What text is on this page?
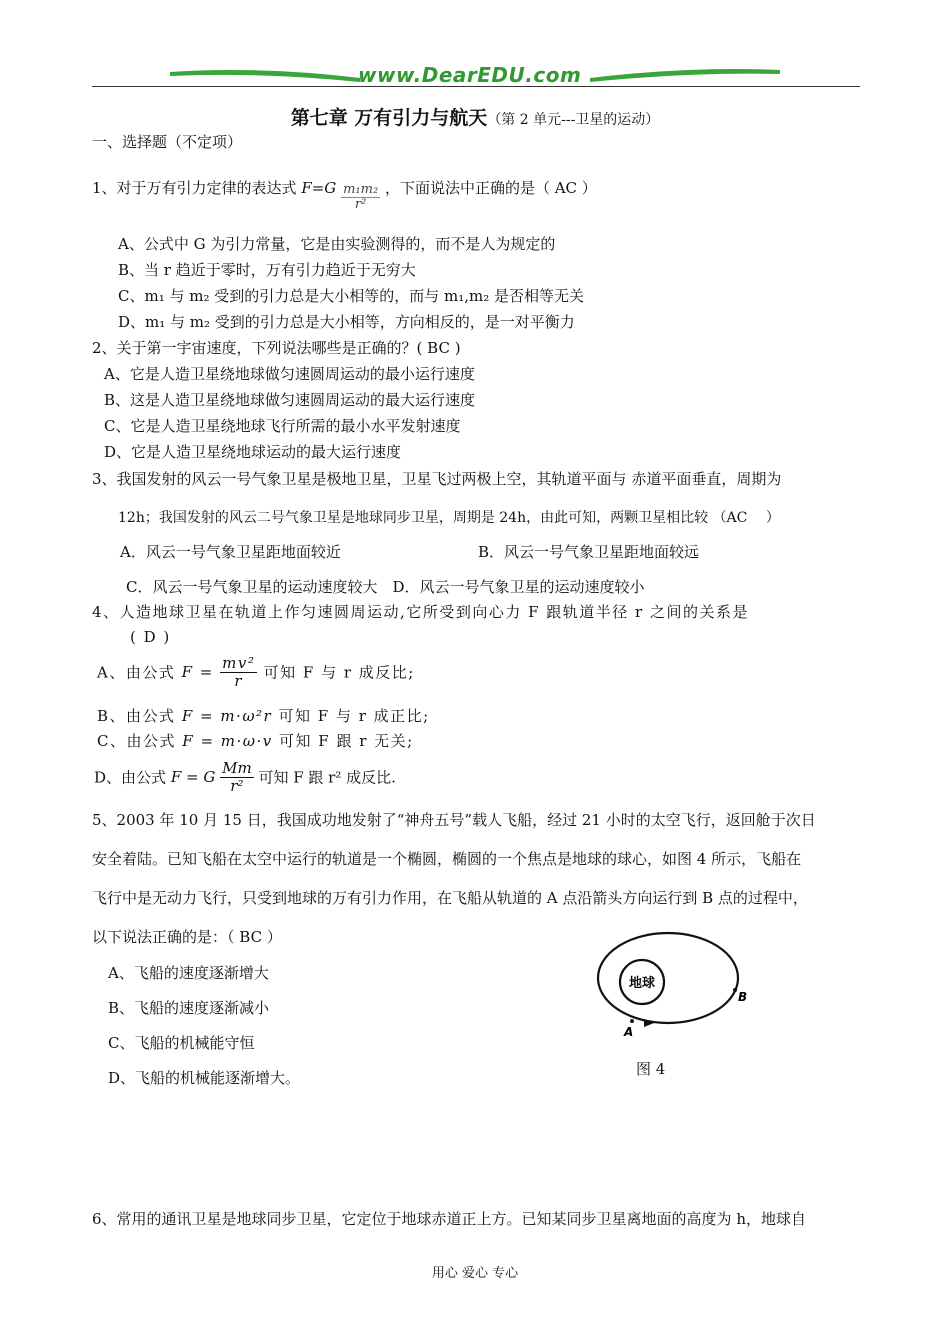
www.DearEDU.com
第七章 万有引力与航天（第 2 单元---卫星的运动）
一、选择题（不定项）
1、对于万有引力定律的表达式 $F=G \frac{\text{m₁m₂}}{\text{r²}}$ ，下面说法中正确的是（ AC ）
A、公式中 G 为引力常量，它是由实验测得的，而不是人为规定的
B、当 r 趋近于零时，万有引力趋近于无穷大
C、m₁ 与 m₂ 受到的引力总是大小相等的，而与 m₁,m₂ 是否相等无关
D、m₁ 与 m₂ 受到的引力总是大小相等，方向相反的，是一对平衡力
2、关于第一宇宙速度，下列说法哪些是正确的？( BC )
A、它是人造卫星绕地球做匀速圆周运动的最小运行速度
B、这是人造卫星绕地球做匀速圆周运动的最大运行速度
C、它是人造卫星绕地球飞行所需的最小水平发射速度
D、它是人造卫星绕地球运动的最大运行速度
3、我国发射的风云一号气象卫星是极地卫星，卫星飞过两极上空，其轨道平面与 赤道平面垂直，周期为
12h；我国发射的风云二号气象卫星是地球同步卫星，周期是 24h，由此可知，两颗卫星相比较 （AC　 ）
A．风云一号气象卫星距地面较近	B．风云一号气象卫星距地面较远
C．风云一号气象卫星的运动速度较大　D．风云一号气象卫星的运动速度较小
4、人造地球卫星在轨道上作匀速圆周运动,它所受到向心力 F 跟轨道半径 r 之间的关系是
( D )
A、由公式 $F = \frac{\text{mv²}}{r}$ 可知 F 与 r 成反比;
B、由公式 F = m·ω²r 可知 F 与 r 成正比;
C、由公式 F = m·ω·v 可知 F 跟 r 无关;
D、由公式 F = G $\frac{Mm}{\text{r²}}$ 可知 F 跟 r² 成反比.
5、2003 年 10 月 15 日，我国成功地发射了“神舟五号”载人飞船，经过 21 小时的太空飞行，返回舱于次日
安全着陆。已知飞船在太空中运行的轨道是一个椭圆，椭圆的一个焦点是地球的球心，如图 4 所示，飞船在
飞行中是无动力飞行，只受到地球的万有引力作用，在飞船从轨道的 A 点沿箭头方向运行到 B 点的过程中，
以下说法正确的是：（ BC ）
A、飞船的速度逐渐增大
B、飞船的速度逐渐减小
C、飞船的机械能守恒
D、飞船的机械能逐渐增大。
地球
A
B
图 4
6、常用的通讯卫星是地球同步卫星，它定位于地球赤道正上方。已知某同步卫星离地面的高度为 h，地球自
用心 爱心 专心
